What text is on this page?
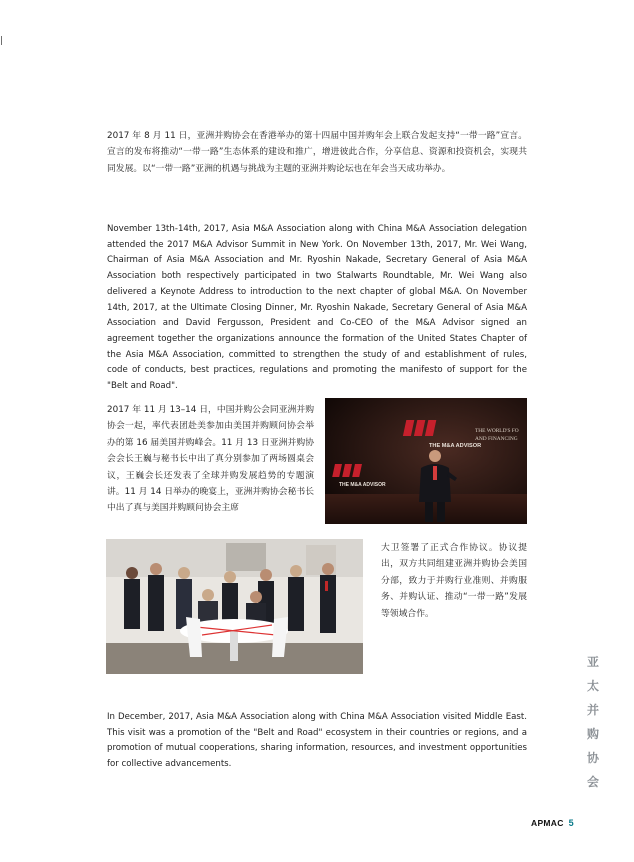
|

2017 年 8 月 11 日，亚洲并购协会在香港举办的第十四届中国并购年会上联合发起支持“一带一路”宣言。宣言的发布将推动“一带一路”生态体系的建设和推广，增进彼此合作，分享信息、资源和投资机会，实现共同发展。以“一带一路”亚洲的机遇与挑战为主题的亚洲并购论坛也在年会当天成功举办。

November 13th-14th, 2017, Asia M&A Association along with China M&A Association delegation attended the 2017 M&A Advisor Summit in New York. On November 13th, 2017, Mr. Wei Wang, Chairman of Asia M&A Association and Mr. Ryoshin Nakade, Secretary General of Asia M&A Association both respectively participated in two Stalwarts Roundtable, Mr. Wei Wang also delivered a Keynote Address to introduction to the next chapter of global M&A. On November 14th, 2017, at the Ultimate Closing Dinner, Mr. Ryoshin Nakade, Secretary General of Asia M&A Association and David Fergusson, President and Co-CEO of the M&A Advisor signed an agreement together the organizations announce the formation of the United States Chapter of the Asia M&A Association, committed to strengthen the study of and establishment of rules, code of conducts, best practices, regulations and promoting the manifesto of support for the "Belt and Road".

2017 年 11 月 13–14 日，中国并购公会同亚洲并购协会一起，率代表团赴美参加由美国并购顾问协会举办的第 16 届美国并购峰会。11 月 13 日亚洲并购协会会长王巍与秘书长中出了真分别参加了两场圆桌会议，王巍会长还发表了全球并购发展趋势的专题演讲。11 月 14 日举办的晚宴上，亚洲并购协会秘书长中出了真与美国并购顾问协会主席

THE M&A ADVISOR
THE WORLD'S FO
AND FINANCING
THE M&A ADVISOR

大卫签署了正式合作协议。协议提出，双方共同组建亚洲并购协会美国分部，致力于并购行业准则、并购服务、并购认证、推动“一带一路”发展等领域合作。

In December, 2017, Asia M&A Association along with China M&A Association visited Middle East. This visit was a promotion of the "Belt and Road" ecosystem in their countries or regions, and a promotion of mutual cooperations, sharing information, resources, and investment opportunities for collective advancements.

亚
太
并
购
协
会
APMAC 5
